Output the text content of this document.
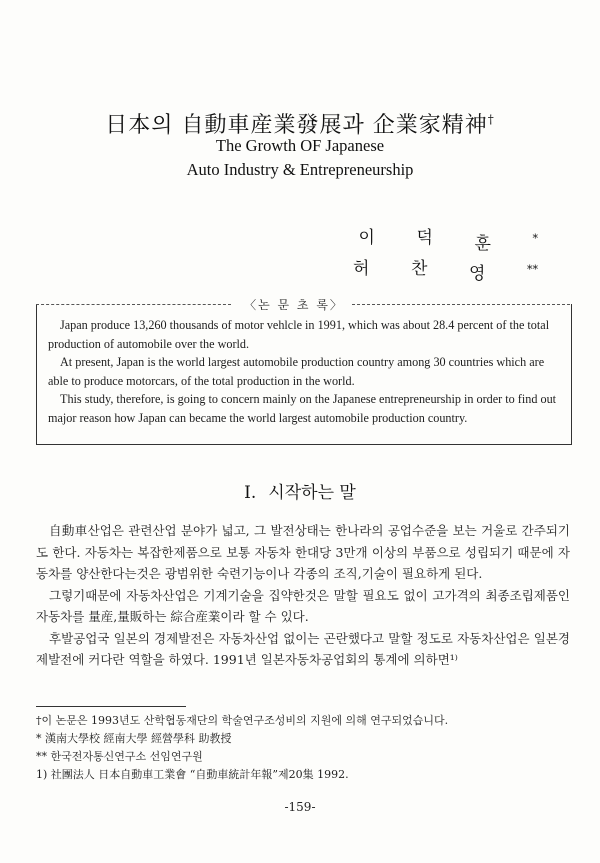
日本의 自動車産業發展과 企業家精神†
The Growth OF Japanese
Auto Industry & Entrepreneurship
이	덕	훈	*
허	찬	영	**
〈논 문 초 록〉

Japan produce 13,260 thousands of motor vehlcle in 1991, which was about 28.4 percent of the total production of automobile over the world.

At present, Japan is the world largest automobile production country among 30 countries which are able to produce motorcars, of the total production in the world.

This study, therefore, is going to concern mainly on the Japanese entrepreneurship in order to find out major reason how Japan can became the world largest automobile production country.

I. 시작하는 말

自動車산업은 관련산업 분야가 넓고, 그 발전상태는 한나라의 공업수준을 보는 거울로 간주되기도 한다. 자동차는 복잡한제품으로 보통 자동차 한대당 3만개 이상의 부품으로 성립되기 때문에 자동차를 양산한다는것은 광범위한 숙련기능이나 각종의 조직,기술이 필요하게 된다.

그렇기때문에 자동차산업은 기계기술을 집약한것은 말할 필요도 없이 고가격의 최종조립제품인 자동차를 量産,量販하는 綜合産業이라 할 수 있다.

후발공업국 일본의 경제발전은 자동차산업 없이는 곤란했다고 말할 정도로 자동차산업은 일본경제발전에 커다란 역할을 하였다. 1991년 일본자동차공업회의 통계에 의하면¹⁾

†이 논문은 1993년도 산학협동재단의 학술연구조성비의 지원에 의해 연구되었습니다.
* 漢南大學校 經南大學 經營學科 助教授
** 한국전자통신연구소 선임연구원
1) 社團法人 日本自動車工業會 “自動車統計年報”제20集 1992.
-159-
